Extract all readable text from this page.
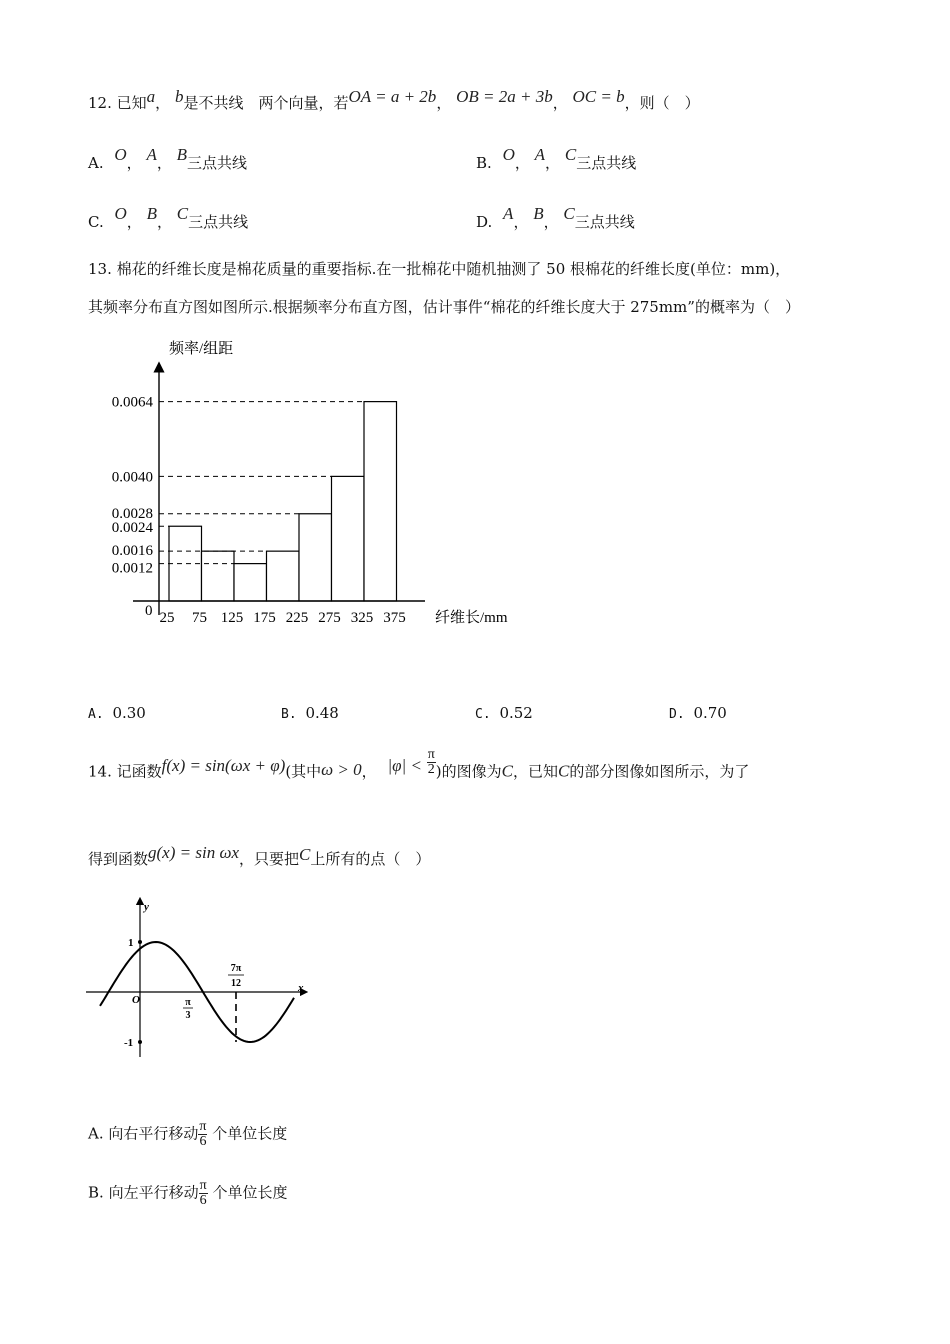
12. 已知a， b是不共线　 两个向量，若OA = a + 2b， OB = 2a + 3b， OC = b，则（　）
A. O， A， B三点共线	B. O， A， C三点共线
C. O， B， C三点共线	D. A， B， C三点共线
13. 棉花的纤维长度是棉花质量的重要指标.在一批棉花中随机抽测了 50 根棉花的纤维长度(单位：mm)，
其频率分布直方图如图所示.根据频率分布直方图，估计事件“棉花的纤维长度大于 275mm”的概率为（　）
0.0064
0.0040
0.0028
0.0024
0.0016
0.0012
25 75 125 175 225 275 325 375
频率/组距
0	纤维长/mm
A. 0.30	B. 0.48	C. 0.52	D. 0.70
14. 记函数f(x) = sin(ωx + φ)(其中ω > 0， $|\varphi| < \frac{\pi}{2}$ )的图像为C，已知C的部分图像如图所示，为了
得到函数g(x) = sin ωx，只要把C上所有的点（　）
y
x
O
1
-1
π
3
7π
12
A. 向右平行移动 $\frac{\pi}{6}$ 个单位长度
B. 向左平行移动 $\frac{\pi}{6}$ 个单位长度
